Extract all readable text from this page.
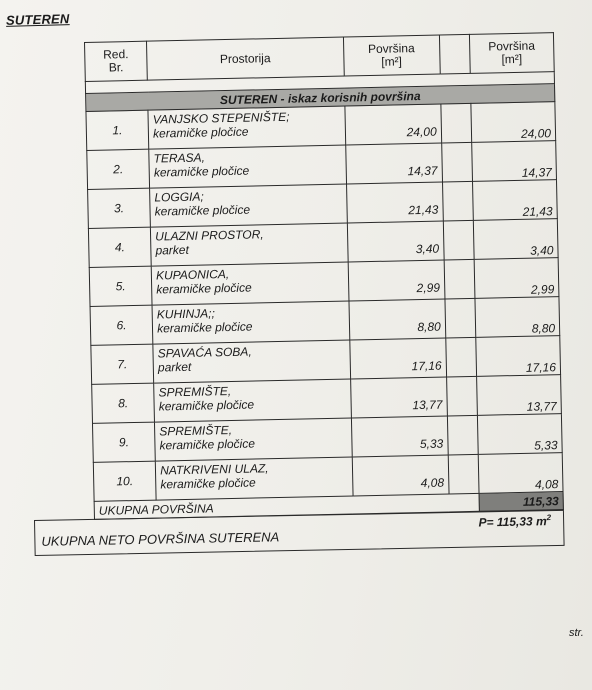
SUTEREN
Red.
Br.	Prostorija	Površina
[m²]		Površina
[m²]

SUTEREN - iskaz korisnih površina				
1.	VANJSKO STEPENIŠTE;
keramičke pločice	24,00		24,00
2.	TERASA,
keramičke pločice	14,37		14,37
3.	LOGGIA;
keramičke pločice	21,43		21,43
4.	ULAZNI PROSTOR,
parket	3,40		3,40
5.	KUPAONICA,
keramičke pločice	2,99		2,99
6.	KUHINJA;;
keramičke pločice	8,80		8,80
7.	SPAVAĆA SOBA,
parket	17,16		17,16
8.	SPREMIŠTE,
keramičke pločice	13,77		13,77
9.	SPREMIŠTE,
keramičke pločice	5,33		5,33
10.	NATKRIVENI ULAZ,
keramičke pločice	4,08		4,08
UKUPNA POVRŠINA				115,33
UKUPNA NETO POVRŠINA SUTERENA
P= 115,33 $m^2$
str.
